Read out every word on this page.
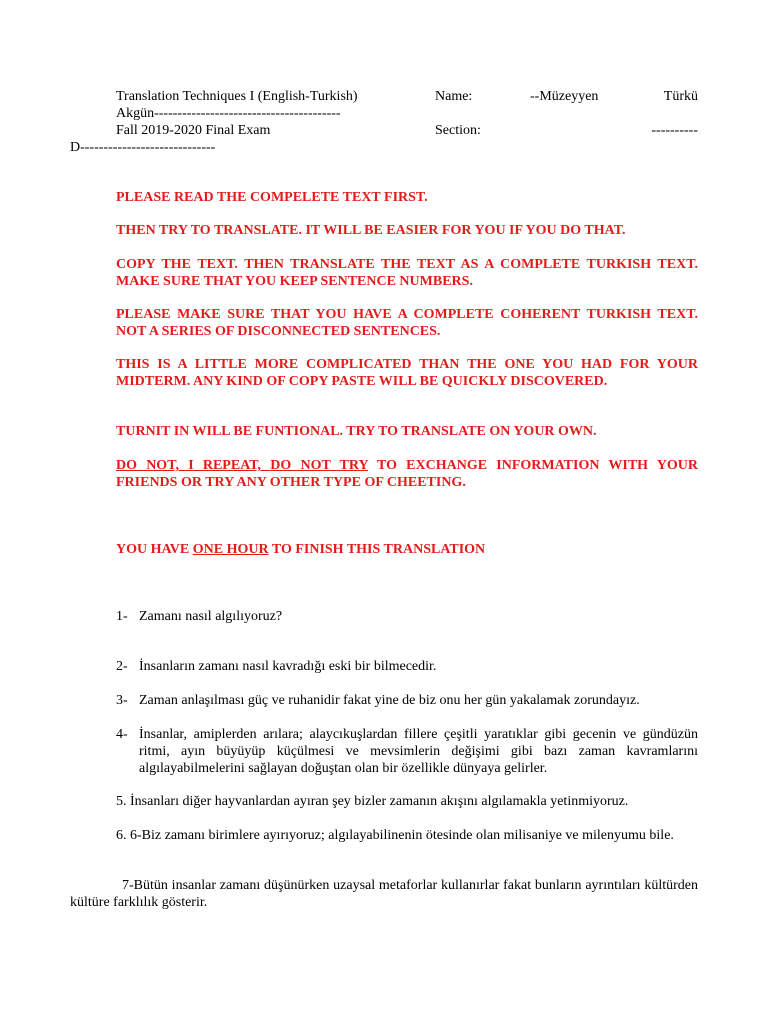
Translation Techniques I (English-Turkish)	Name:	--Müzeyyen	Türkü
Akgün----------------------------------------
Fall 2019-2020 Final Exam	Section:	----------
D-----------------------------
PLEASE READ THE COMPELETE TEXT FIRST.
THEN TRY TO TRANSLATE. IT WILL BE EASIER FOR YOU IF YOU DO THAT.
COPY THE TEXT. THEN TRANSLATE THE TEXT AS A COMPLETE TURKISH TEXT. MAKE SURE THAT YOU KEEP SENTENCE NUMBERS.
PLEASE MAKE SURE THAT YOU HAVE A COMPLETE COHERENT TURKISH TEXT. NOT A SERIES OF DISCONNECTED SENTENCES.
THIS IS A LITTLE MORE COMPLICATED THAN THE ONE YOU HAD FOR YOUR MIDTERM. ANY KIND OF COPY PASTE WILL BE QUICKLY DISCOVERED.
TURNIT IN WILL BE FUNTIONAL. TRY TO TRANSLATE ON YOUR OWN.
DO NOT, I REPEAT, DO NOT TRY TO EXCHANGE INFORMATION WITH YOUR FRIENDS OR TRY ANY OTHER TYPE OF CHEETING.
YOU HAVE ONE HOUR TO FINISH THIS TRANSLATION
1- Zamanı nasıl algılıyoruz?
2- İnsanların zamanı nasıl kavradığı eski bir bilmecedir.
3- Zaman anlaşılması güç ve ruhanidir fakat yine de biz onu her gün yakalamak zorundayız.
4- İnsanlar, amiplerden arılara; alaycıkuşlardan fillere çeşitli yaratıklar gibi gecenin ve gündüzün ritmi, ayın büyüyüp küçülmesi ve mevsimlerin değişimi gibi bazı zaman kavramlarını algılayabilmelerini sağlayan doğuştan olan bir özellikle dünyaya gelirler.
5. İnsanları diğer hayvanlardan ayıran şey bizler zamanın akışını algılamakla yetinmiyoruz.
6. 6-Biz zamanı birimlere ayırıyoruz; algılayabilinenin ötesinde olan milisaniye ve milenyumu bile.
7-Bütün insanlar zamanı düşünürken uzaysal metaforlar kullanırlar fakat bunların ayrıntıları kültürden kültüre farklılık gösterir.
